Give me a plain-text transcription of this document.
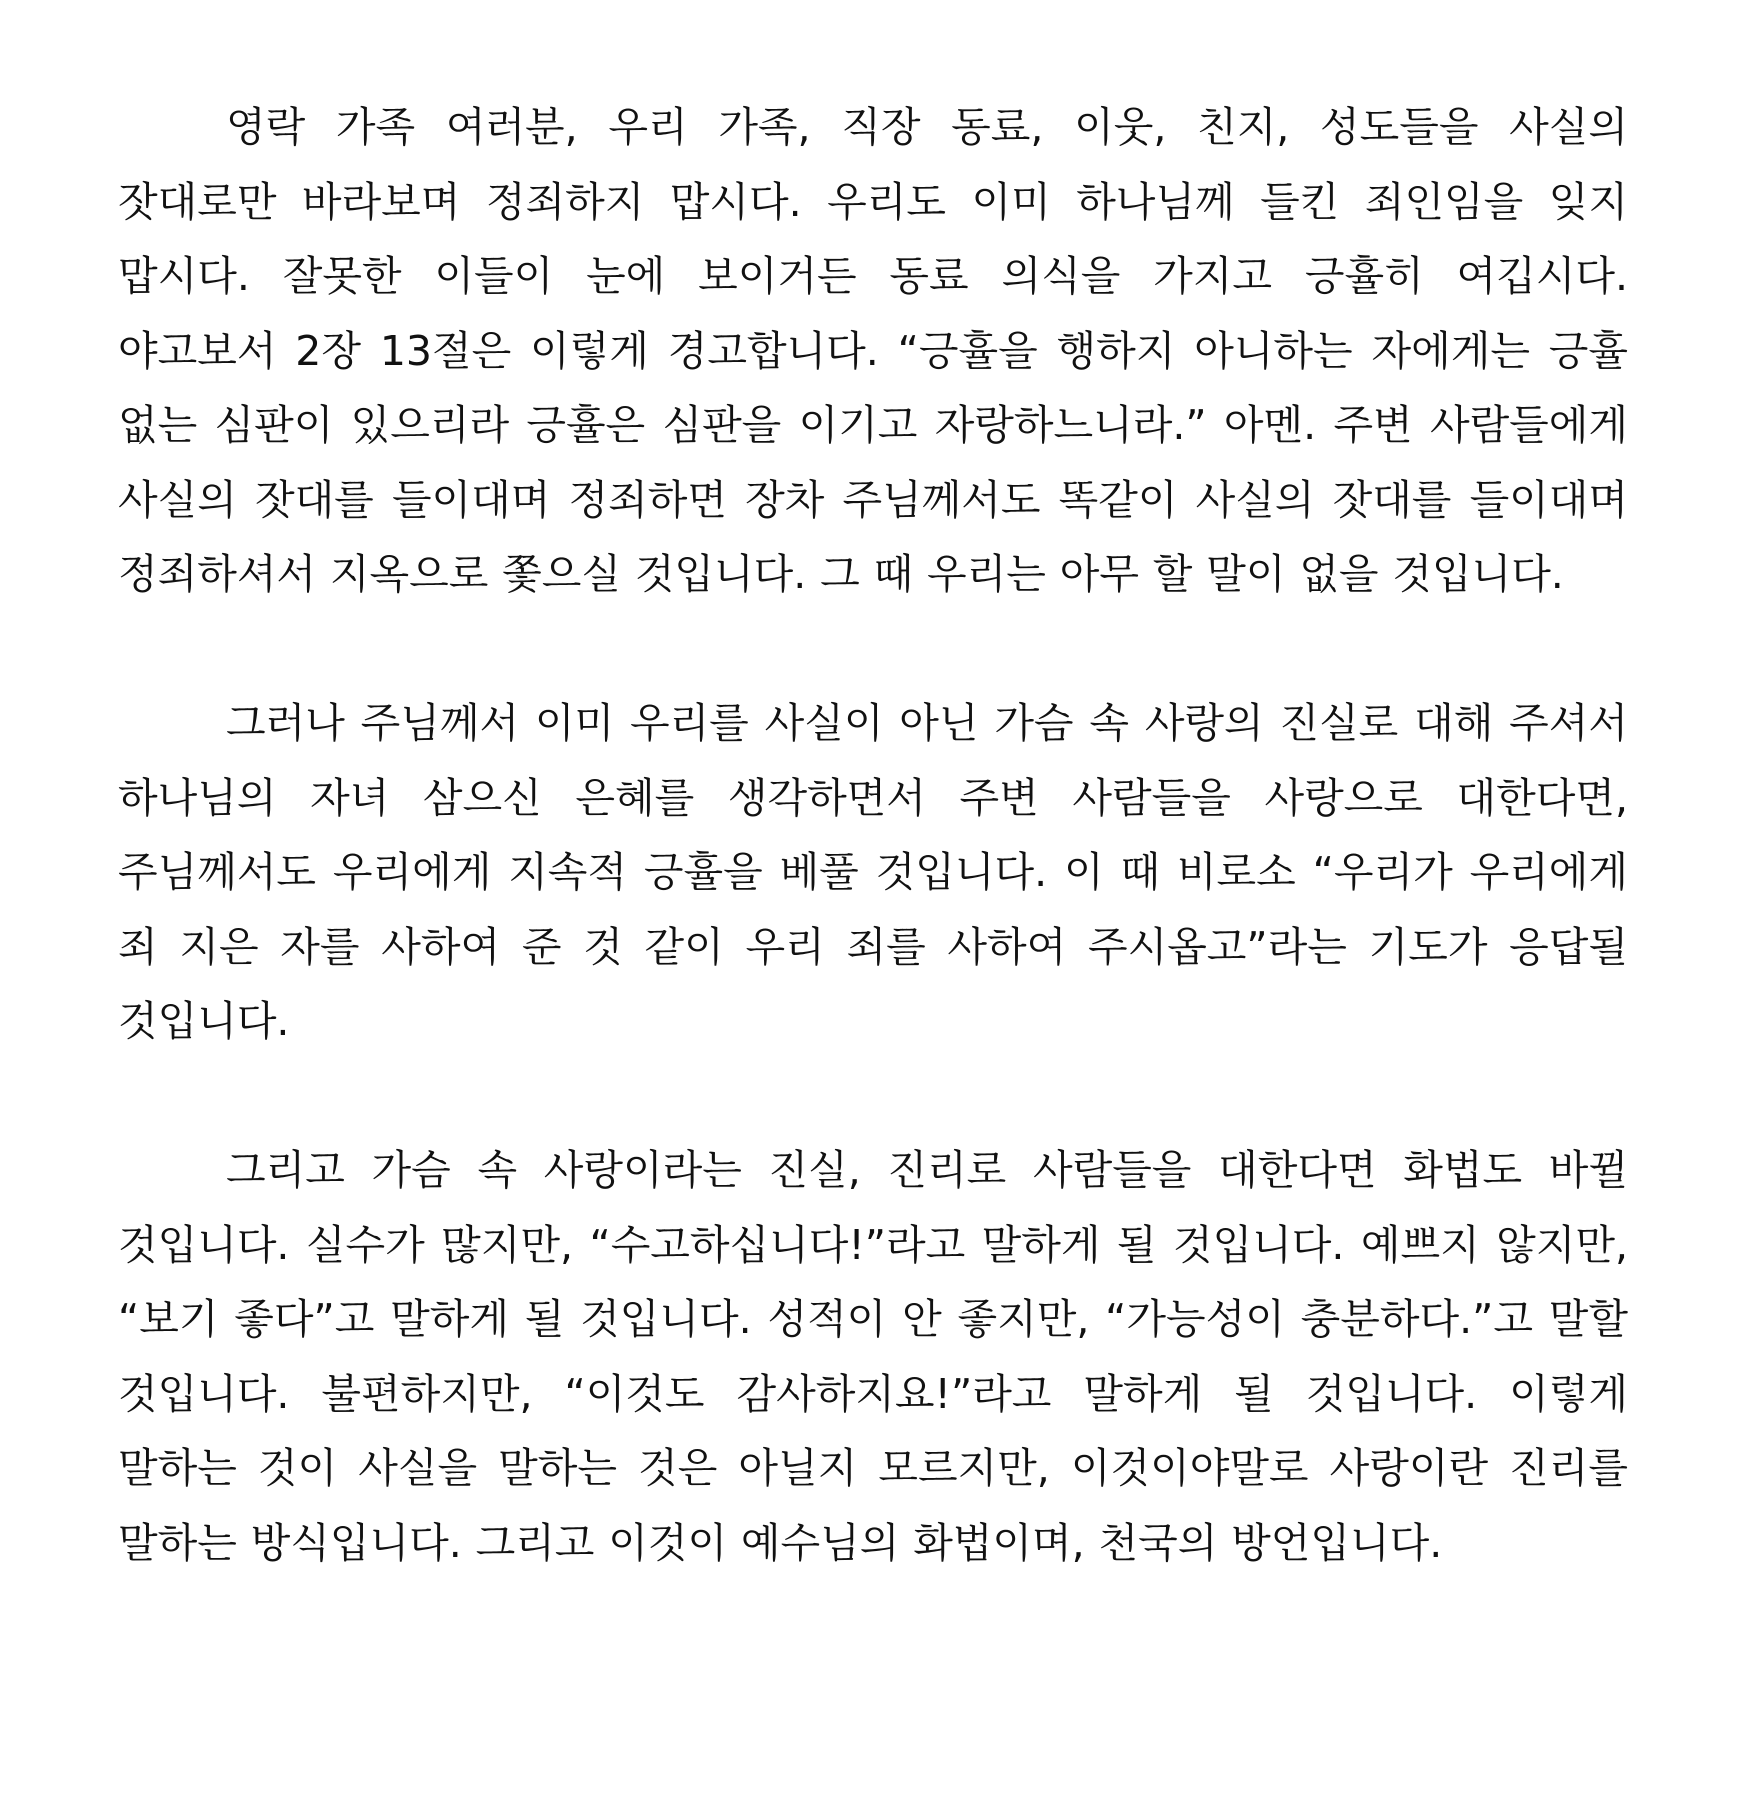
영락 가족 여러분, 우리 가족, 직장 동료, 이웃, 친지, 성도들을 사실의 잣대로만 바라보며 정죄하지 맙시다. 우리도 이미 하나님께 들킨 죄인임을 잊지 맙시다. 잘못한 이들이 눈에 보이거든 동료 의식을 가지고 긍휼히 여깁시다. 야고보서 2장 13절은 이렇게 경고합니다. “긍휼을 행하지 아니하는 자에게는 긍휼 없는 심판이 있으리라 긍휼은 심판을 이기고 자랑하느니라.” 아멘. 주변 사람들에게 사실의 잣대를 들이대며 정죄하면 장차 주님께서도 똑같이 사실의 잣대를 들이대며 정죄하셔서 지옥으로 쫓으실 것입니다. 그 때 우리는 아무 할 말이 없을 것입니다.

그러나 주님께서 이미 우리를 사실이 아닌 가슴 속 사랑의 진실로 대해 주셔서 하나님의 자녀 삼으신 은혜를 생각하면서 주변 사람들을 사랑으로 대한다면, 주님께서도 우리에게 지속적 긍휼을 베풀 것입니다. 이 때 비로소 “우리가 우리에게 죄 지은 자를 사하여 준 것 같이 우리 죄를 사하여 주시옵고”라는 기도가 응답될 것입니다.

그리고 가슴 속 사랑이라는 진실, 진리로 사람들을 대한다면 화법도 바뀔 것입니다. 실수가 많지만, “수고하십니다!”라고 말하게 될 것입니다. 예쁘지 않지만, “보기 좋다”고 말하게 될 것입니다. 성적이 안 좋지만, “가능성이 충분하다.”고 말할 것입니다. 불편하지만, “이것도 감사하지요!”라고 말하게 될 것입니다. 이렇게 말하는 것이 사실을 말하는 것은 아닐지 모르지만, 이것이야말로 사랑이란 진리를 말하는 방식입니다. 그리고 이것이 예수님의 화법이며, 천국의 방언입니다.
